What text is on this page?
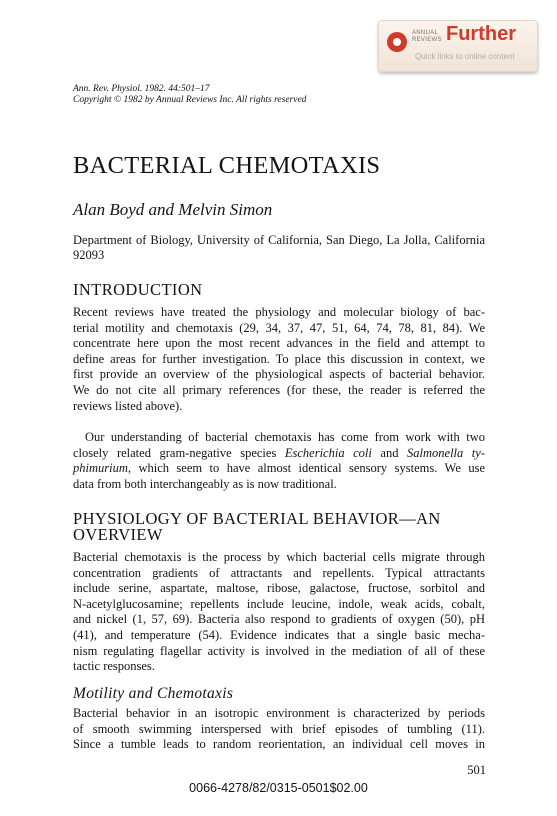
ANNUAL
REVIEWS Further
Quick links to online content
Ann. Rev. Physiol. 1982. 44:501–17
Copyright © 1982 by Annual Reviews Inc. All rights reserved
BACTERIAL CHEMOTAXIS
Alan Boyd and Melvin Simon
Department of Biology, University of California, San Diego, La Jolla, California
92093
INTRODUCTION

Recent reviews have treated the physiology and molecular biology of bac-
terial motility and chemotaxis (29, 34, 37, 47, 51, 64, 74, 78, 81, 84). We
concentrate here upon the most recent advances in the field and attempt to
define areas for further investigation. To place this discussion in context, we
first provide an overview of the physiological aspects of bacterial behavior.
We do not cite all primary references (for these, the reader is referred the
reviews listed above).

Our understanding of bacterial chemotaxis has come from work with two
closely related gram-negative species Escherichia coli and Salmonella ty-
phimurium, which seem to have almost identical sensory systems. We use
data from both interchangeably as is now traditional.

PHYSIOLOGY OF BACTERIAL BEHAVIOR—AN OVERVIEW

Bacterial chemotaxis is the process by which bacterial cells migrate through
concentration gradients of attractants and repellents. Typical attractants
include serine, aspartate, maltose, ribose, galactose, fructose, sorbitol and
N-acetylglucosamine; repellents include leucine, indole, weak acids, cobalt,
and nickel (1, 57, 69). Bacteria also respond to gradients of oxygen (50), pH
(41), and temperature (54). Evidence indicates that a single basic mecha-
nism regulating flagellar activity is involved in the mediation of all of these
tactic responses.

Motility and Chemotaxis

Bacterial behavior in an isotropic environment is characterized by periods
of smooth swimming interspersed with brief episodes of tumbling (11).
Since a tumble leads to random reorientation, an individual cell moves in

501
0066-4278/82/0315-0501$02.00
